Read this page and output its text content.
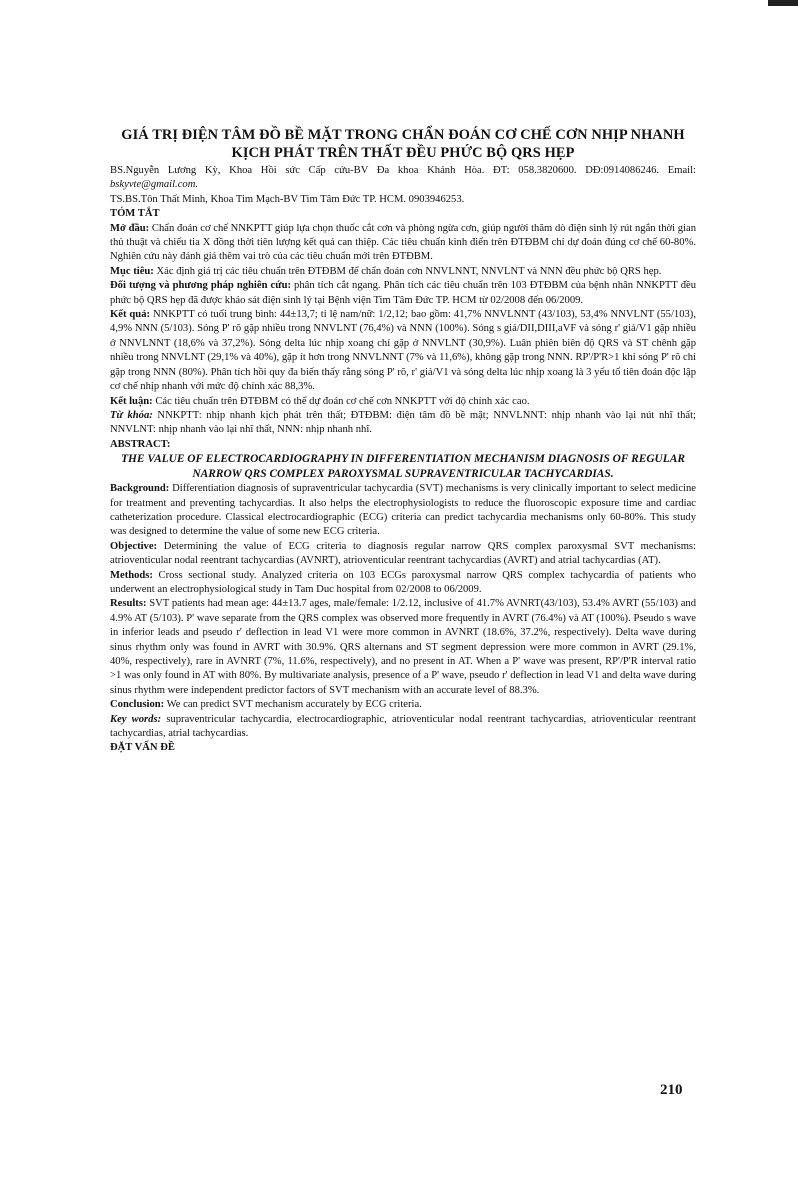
GIÁ TRỊ ĐIỆN TÂM ĐỒ BỀ MẶT TRONG CHẨN ĐOÁN CƠ CHẾ CƠN NHỊP NHANH KỊCH PHÁT TRÊN THẤT ĐỀU PHỨC BỘ QRS HẸP

BS.Nguyễn Lương Kỳ, Khoa Hồi sức Cấp cứu-BV Đa khoa Khánh Hòa. ĐT: 058.3820600. DĐ:0914086246. Email: bskyvte@gmail.com.

TS.BS.Tôn Thất Minh, Khoa Tim Mạch-BV Tim Tâm Đức TP. HCM. 0903946253.

TÓM TẮT

Mở đầu: Chẩn đoán cơ chế NNKPTT giúp lựa chọn thuốc cắt cơn và phòng ngừa cơn, giúp người thăm dò điện sinh lý rút ngắn thời gian thủ thuật và chiếu tia X đồng thời tiên lượng kết quả can thiệp. Các tiêu chuẩn kinh điển trên ĐTĐBM chỉ dự đoán đúng cơ chế 60-80%. Nghiên cứu này đánh giá thêm vai trò của các tiêu chuẩn mới trên ĐTĐBM.

Mục tiêu: Xác định giá trị các tiêu chuẩn trên ĐTĐBM để chẩn đoán cơn NNVLNNT, NNVLNT và NNN đều phức bộ QRS hẹp.

Đối tượng và phương pháp nghiên cứu: phân tích cắt ngang. Phân tích các tiêu chuẩn trên 103 ĐTĐBM của bệnh nhân NNKPTT đều phức bộ QRS hẹp đã được khảo sát điện sinh lý tại Bệnh viện Tim Tâm Đức TP. HCM từ 02/2008 đến 06/2009.

Kết quả: NNKPTT có tuổi trung bình: 44±13,7; tỉ lệ nam/nữ: 1/2,12; bao gồm: 41,7% NNVLNNT (43/103), 53,4% NNVLNT (55/103), 4,9% NNN (5/103). Sóng P' rõ gặp nhiều trong NNVLNT (76,4%) và NNN (100%). Sóng s giả/DII,DIII,aVF và sóng r' giả/V1 gặp nhiều ở NNVLNNT (18,6% và 37,2%). Sóng delta lúc nhịp xoang chỉ gặp ở NNVLNT (30,9%). Luân phiên biên độ QRS và ST chênh gặp nhiều trong NNVLNT (29,1% và 40%), gặp ít hơn trong NNVLNNT (7% và 11,6%), không gặp trong NNN. RP'/P'R>1 khi sóng P' rõ chỉ gặp trong NNN (80%). Phân tích hồi quy đa biến thấy rằng sóng P' rõ, r' giả/V1 và sóng delta lúc nhịp xoang là 3 yếu tố tiên đoán độc lập cơ chế nhịp nhanh với mức độ chính xác 88,3%.

Kết luận: Các tiêu chuẩn trên ĐTĐBM có thể dự đoán cơ chế cơn NNKPTT với độ chính xác cao.

Từ khóa: NNKPTT: nhịp nhanh kịch phát trên thất; ĐTĐBM: điện tâm đồ bề mặt; NNVLNNT: nhịp nhanh vào lại nút nhĩ thất; NNVLNT: nhịp nhanh vào lại nhĩ thất, NNN: nhịp nhanh nhĩ.

ABSTRACT:

THE VALUE OF ELECTROCARDIOGRAPHY IN DIFFERENTIATION MECHANISM DIAGNOSIS OF REGULAR NARROW QRS COMPLEX PAROXYSMAL SUPRAVENTRICULAR TACHYCARDIAS.

Background: Differentiation diagnosis of supraventricular tachycardia (SVT) mechanisms is very clinically important to select medicine for treatment and preventing tachycardias. It also helps the electrophysiologists to reduce the fluoroscopic exposure time and cardiac catheterization procedure. Classical electrocardiographic (ECG) criteria can predict tachycardia mechanisms only 60-80%. This study was designed to determine the value of some new ECG criteria.

Objective: Determining the value of ECG criteria to diagnosis regular narrow QRS complex paroxysmal SVT mechanisms: atrioventicular nodal reentrant tachycardias (AVNRT), atrioventicular reentrant tachycardias (AVRT) and atrial tachycardias (AT).

Methods: Cross sectional study. Analyzed criteria on 103 ECGs paroxysmal narrow QRS complex tachycardia of patients who underwent an electrophysiological study in Tam Duc hospital from 02/2008 to 06/2009.

Results: SVT patients had mean age: 44±13.7 ages, male/female: 1/2.12, inclusive of 41.7% AVNRT(43/103), 53.4% AVRT (55/103) and 4.9% AT (5/103). P' wave separate from the QRS complex was observed more frequently in AVRT (76.4%) và AT (100%). Pseudo s wave in inferior leads and pseudo r' deflection in lead V1 were more common in AVNRT (18.6%, 37.2%, respectively). Delta wave during sinus rhythm only was found in AVRT with 30.9%. QRS alternans and ST segment depression were more common in AVRT (29.1%, 40%, respectively), rare in AVNRT (7%, 11.6%, respectively), and no present in AT. When a P' wave was present, RP'/P'R interval ratio >1 was only found in AT with 80%. By multivariate analysis, presence of a P' wave, pseudo r' deflection in lead V1 and delta wave during sinus rhythm were independent predictor factors of SVT mechanism with an accurate level of 88.3%.

Conclusion: We can predict SVT mechanism accurately by ECG criteria.

Key words: supraventricular tachycardia, electrocardiographic, atrioventicular nodal reentrant tachycardias, atrioventicular reentrant tachycardias, atrial tachycardias.

ĐẶT VẤN ĐỀ

210
